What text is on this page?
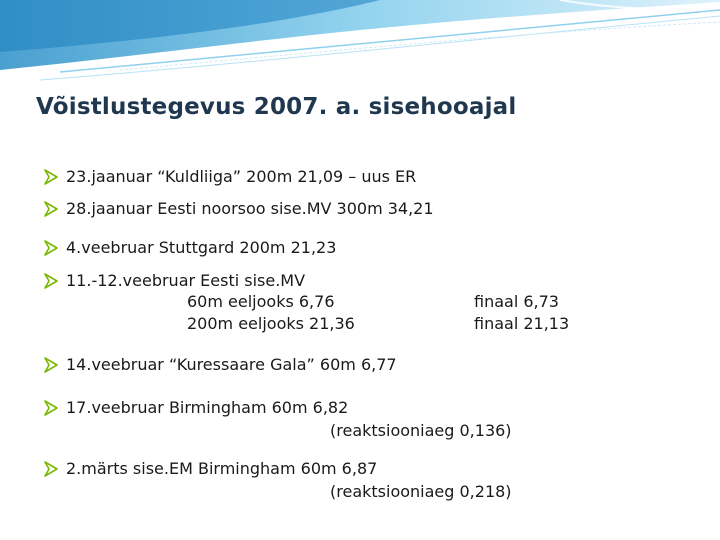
Võistlustegevus 2007. a. sisehooajal
23.jaanuar “Kuldliiga” 200m 21,09 – uus ER
28.jaanuar Eesti noorsoo sise.MV 300m 34,21
4.veebruar Stuttgard 200m 21,23
11.-12.veebruar Eesti sise.MV
60m eeljooks 6,76	finaal 6,73
200m eeljooks 21,36	finaal 21,13
14.veebruar “Kuressaare Gala” 60m 6,77
17.veebruar Birmingham 60m 6,82
(reaktsiooniaeg 0,136)
2.märts sise.EM Birmingham 60m 6,87
(reaktsiooniaeg 0,218)
